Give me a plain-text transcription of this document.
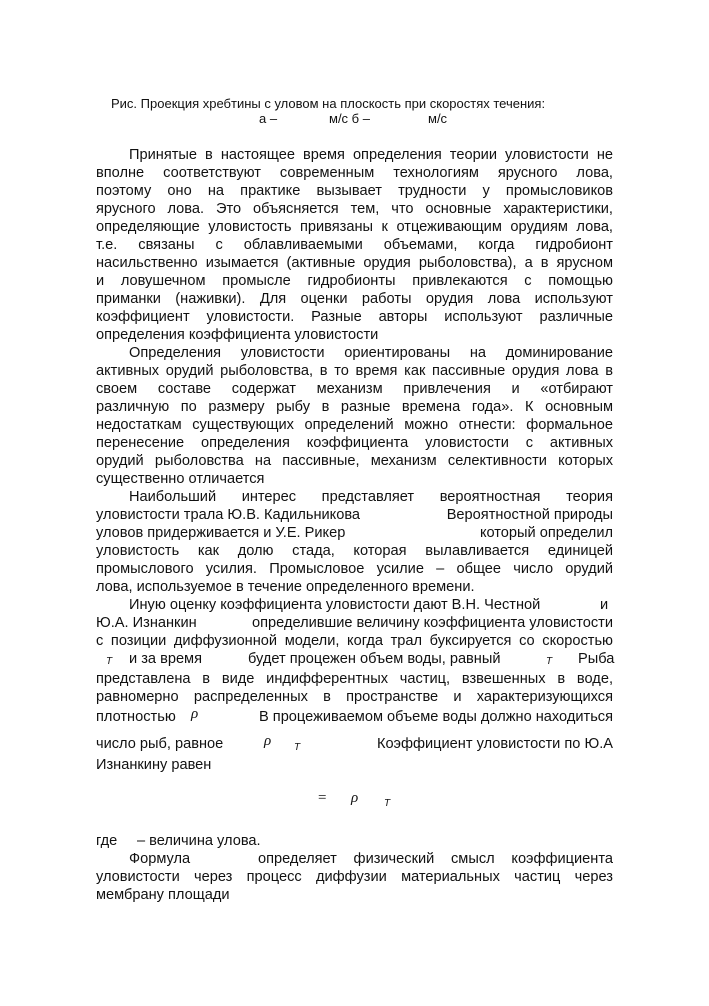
Рис. Проекция хребтины с уловом на плоскость при скоростях течения:
а –	м/с б –	м/с
Принятые в настоящее время определения теории уловистости не
вполне соответствуют современным технологиям ярусного лова,
поэтому оно на практике вызывает трудности у промысловиков
ярусного лова. Это объясняется тем, что основные характеристики,
определяющие уловистость привязаны к отцеживающим орудиям лова,
т.е. связаны с облавливаемыми объемами, когда гидробионт
насильственно изымается (активные орудия рыболовства), а в ярусном
и ловушечном промысле гидробионты привлекаются с помощью
приманки (наживки). Для оценки работы орудия лова используют
коэффициент уловистости. Разные авторы используют различные
определения коэффициента уловистости
Определения уловистости ориентированы на доминирование
активных орудий рыболовства, в то время как пассивные орудия лова в
своем составе содержат механизм привлечения и «отбирают
различную по размеру рыбу в разные времена года». К основным
недостаткам существующих определений можно отнести: формальное
перенесение определения коэффициента уловистости с активных
орудий рыболовства на пассивные, механизм селективности которых
существенно отличается
Наибольший интерес представляет вероятностная теория
уловистости трала Ю.В. Кадильникова	Вероятностной природы
уловов придерживается и У.Е. Рикер	который определил
уловистость как долю стада, которая вылавливается единицей
промыслового усилия. Промысловое усилие – общее число орудий
лова, используемое в течение определенного времени.
Иную оценку коэффициента уловистости дают В.Н. Честной	и
Ю.А. Изнанкин	определившие величину коэффициента уловистости
с позиции диффузионной модели, когда трал буксируется со скоростью
T и за время	будет процежен объем воды, равный	T Рыба
представлена в виде индифферентных частиц, взвешенных в воде,
равномерно распределенных в пространстве и характеризующихся
плотностью ρ	В процеживаемом объеме воды должно находиться
число рыб, равное	ρ T	Коэффициент уловистости по Ю.А
Изнанкину равен
= ρ	T
где – величина улова.
Формула	определяет физический смысл коэффициента
уловистости через процесс диффузии материальных частиц через
мембрану площади
